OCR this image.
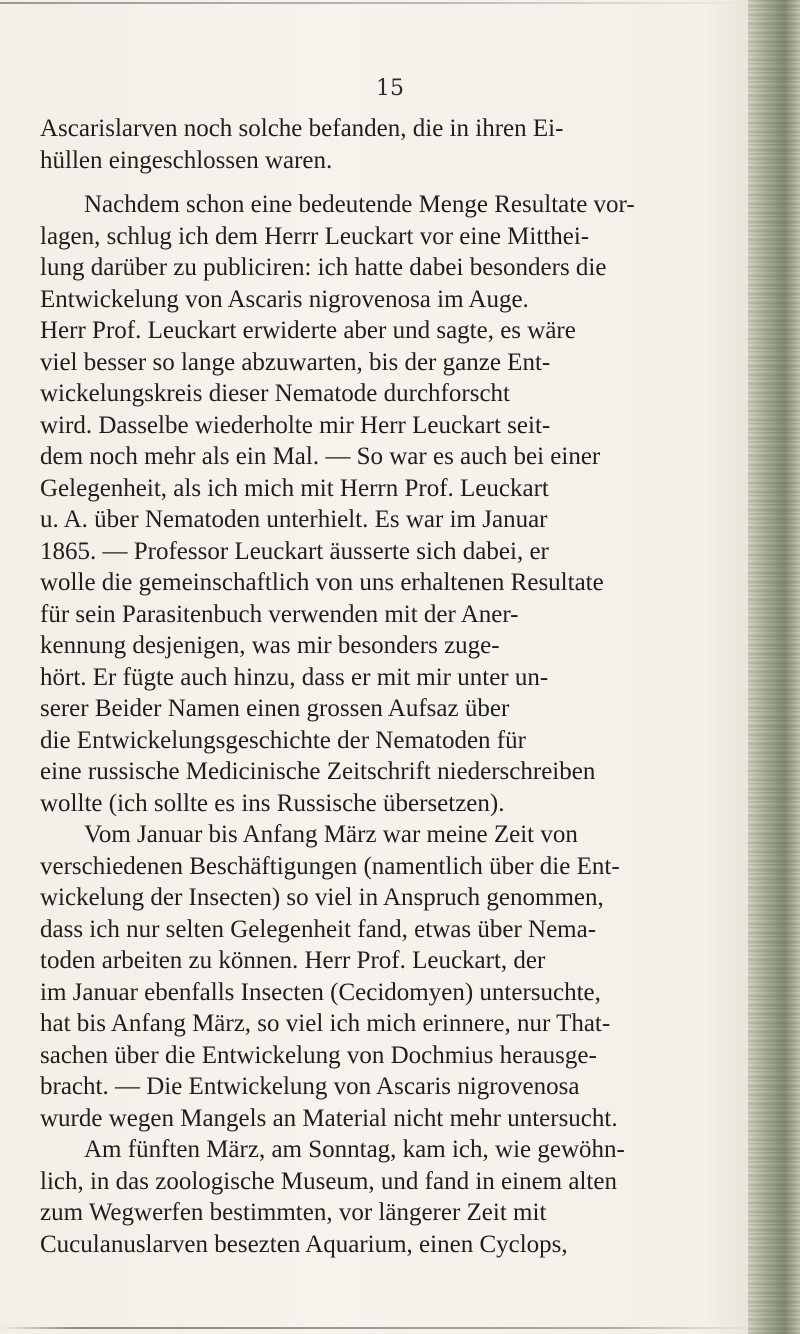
15

Ascarislarven noch solche befanden, die in ihren Ei-

hüllen eingeschlossen waren.

Nachdem schon eine bedeutende Menge Resultate vor-

lagen, schlug ich dem Herrr Leuckart vor eine Mitthei-

lung darüber zu publiciren: ich hatte dabei besonders die

Entwickelung von Ascaris nigrovenosa im Auge.

Herr Prof. Leuckart erwiderte aber und sagte, es wäre

viel besser so lange abzuwarten, bis der ganze Ent-

wickelungskreis dieser Nematode durchforscht

wird. Dasselbe wiederholte mir Herr Leuckart seit-

dem noch mehr als ein Mal. — So war es auch bei einer

Gelegenheit, als ich mich mit Herrn Prof. Leuckart

u. A. über Nematoden unterhielt. Es war im Januar

1865. — Professor Leuckart äusserte sich dabei, er

wolle die gemeinschaftlich von uns erhaltenen Resultate

für sein Parasitenbuch verwenden mit der Aner-

kennung desjenigen, was mir besonders zuge-

hört. Er fügte auch hinzu, dass er mit mir unter un-

serer Beider Namen einen grossen Aufsaz über

die Entwickelungsgeschichte der Nematoden für

eine russische Medicinische Zeitschrift niederschreiben

wollte (ich sollte es ins Russische übersetzen).

Vom Januar bis Anfang März war meine Zeit von

verschiedenen Beschäftigungen (namentlich über die Ent-

wickelung der Insecten) so viel in Anspruch genommen,

dass ich nur selten Gelegenheit fand, etwas über Nema-

toden arbeiten zu können. Herr Prof. Leuckart, der

im Januar ebenfalls Insecten (Cecidomyen) untersuchte,

hat bis Anfang März, so viel ich mich erinnere, nur That-

sachen über die Entwickelung von Dochmius herausge-

bracht. — Die Entwickelung von Ascaris nigrovenosa

wurde wegen Mangels an Material nicht mehr untersucht.

Am fünften März, am Sonntag, kam ich, wie gewöhn-

lich, in das zoologische Museum, und fand in einem alten

zum Wegwerfen bestimmten, vor längerer Zeit mit

Cuculanuslarven besezten Aquarium, einen Cyclops,
